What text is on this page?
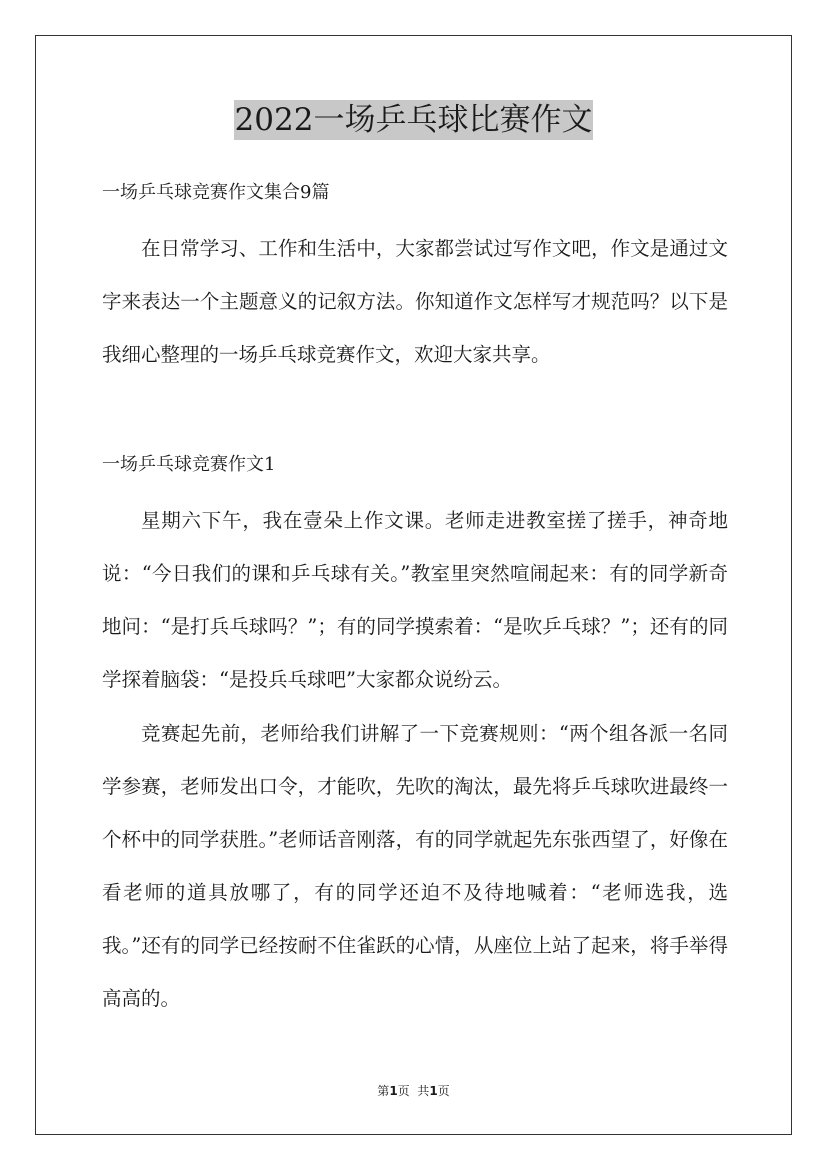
2022一场乒乓球比赛作文
一场乒乓球竞赛作文集合9篇

在日常学习、工作和生活中，大家都尝试过写作文吧，作文是通过文字来表达一个主题意义的记叙方法。你知道作文怎样写才规范吗？以下是我细心整理的一场乒乓球竞赛作文，欢迎大家共享。

一场乒乓球竞赛作文1

星期六下午，我在壹朵上作文课。老师走进教室搓了搓手，神奇地说：“今日我们的课和乒乓球有关。”教室里突然喧闹起来：有的同学新奇地问：“是打兵乓球吗？”；有的同学摸索着：“是吹乒乓球？”；还有的同学探着脑袋：“是投兵乓球吧”大家都众说纷云。

竞赛起先前，老师给我们讲解了一下竞赛规则：“两个组各派一名同学参赛，老师发出口令，才能吹，先吹的淘汰，最先将乒乓球吹进最终一个杯中的同学获胜。”老师话音刚落，有的同学就起先东张西望了，好像在看老师的道具放哪了，有的同学还迫不及待地喊着：“老师选我，选我。”还有的同学已经按耐不住雀跃的心情，从座位上站了起来，将手举得高高的。

第1页  共1页
